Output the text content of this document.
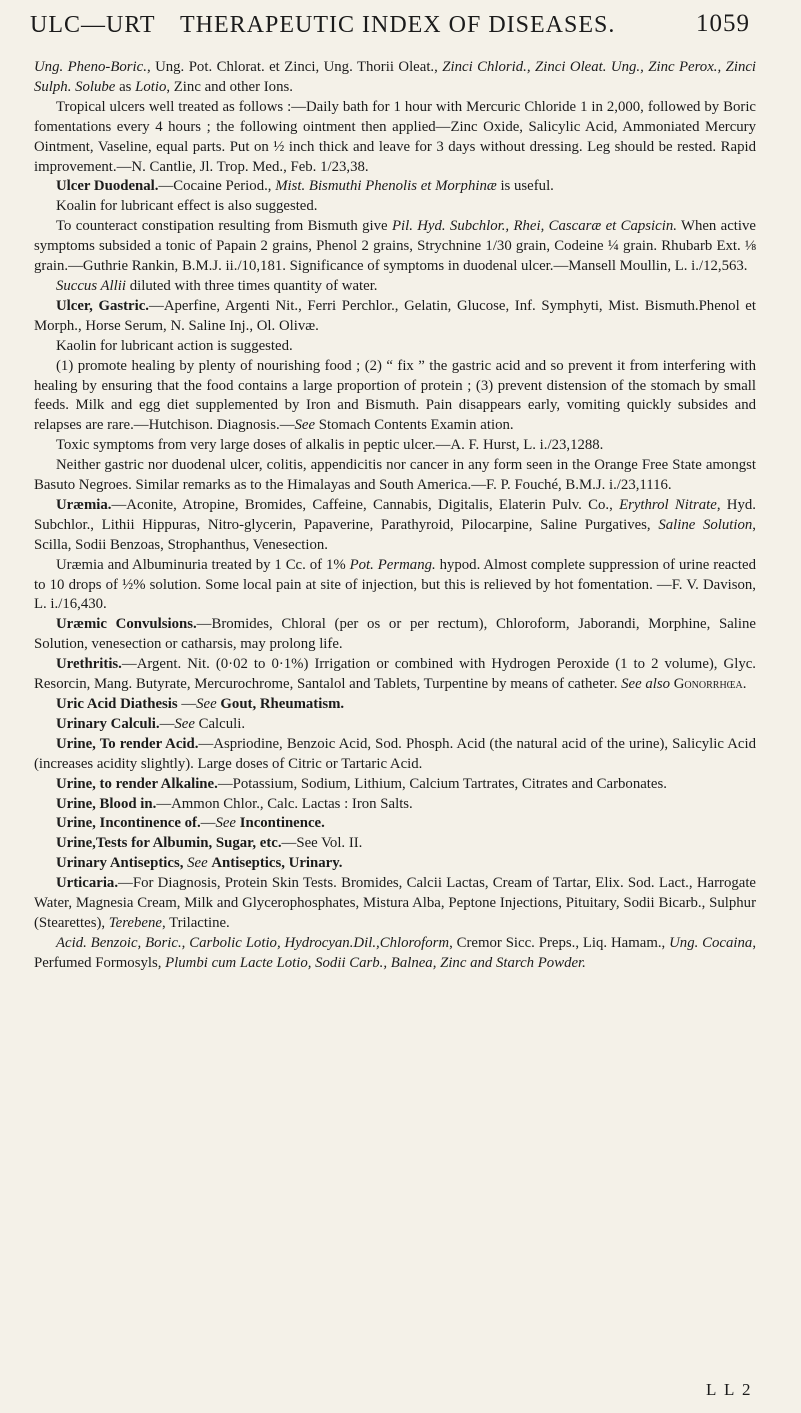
ULC—URT THERAPEUTIC INDEX OF DISEASES.	1059

Ung. Pheno-Boric., Ung. Pot. Chlorat. et Zinci, Ung. Thorii Oleat., Zinci Chlorid., Zinci Oleat. Ung., Zinc Perox., Zinci Sulph. Solube as Lotio, Zinc and other Ions.

Tropical ulcers well treated as follows :—Daily bath for 1 hour with Mercuric Chloride 1 in 2,000, followed by Boric fomentations every 4 hours ; the following ointment then applied—Zinc Oxide, Salicylic Acid, Ammoniated Mercury Ointment, Vaseline, equal parts. Put on ½ inch thick and leave for 3 days without dressing. Leg should be rested. Rapid improvement.—N. Cantlie, Jl. Trop. Med., Feb. 1/23,38.

Ulcer Duodenal.—Cocaine Period., Mist. Bismuthi Phenolis et Morphinæ is useful.

Koalin for lubricant effect is also suggested.

To counteract constipation resulting from Bismuth give Pil. Hyd. Subchlor., Rhei, Cascaræ et Capsicin. When active symptoms subsided a tonic of Papain 2 grains, Phenol 2 grains, Strychnine 1/30 grain, Codeine ¼ grain. Rhubarb Ext. ⅛ grain.—Guthrie Rankin, B.M.J. ii./10,181. Significance of symptoms in duodenal ulcer.—Mansell Moullin, L. i./12,563.

Succus Allii diluted with three times quantity of water.

Ulcer, Gastric.—Aperfine, Argenti Nit., Ferri Perchlor., Gelatin, Glucose, Inf. Symphyti, Mist. Bismuth.Phenol et Morph., Horse Serum, N. Saline Inj., Ol. Olivæ.

Kaolin for lubricant action is suggested.

(1) promote healing by plenty of nourishing food ; (2) “ fix ” the gastric acid and so prevent it from interfering with healing by ensuring that the food contains a large proportion of protein ; (3) prevent distension of the stomach by small feeds. Milk and egg diet supplemented by Iron and Bismuth. Pain disappears early, vomiting quickly subsides and relapses are rare.—Hutchison. Diagnosis.—See Stomach Contents Examin ation.

Toxic symptoms from very large doses of alkalis in peptic ulcer.—A. F. Hurst, L. i./23,1288.

Neither gastric nor duodenal ulcer, colitis, appendicitis nor cancer in any form seen in the Orange Free State amongst Basuto Negroes. Similar remarks as to the Himalayas and South America.—F. P. Fouché, B.M.J. i./23,1116.

Uræmia.—Aconite, Atropine, Bromides, Caffeine, Cannabis, Digitalis, Elaterin Pulv. Co., Erythrol Nitrate, Hyd. Subchlor., Lithii Hippuras, Nitro-glycerin, Papaverine, Parathyroid, Pilocarpine, Saline Purgatives, Saline Solution, Scilla, Sodii Benzoas, Strophanthus, Venesection.

Uræmia and Albuminuria treated by 1 Cc. of 1% Pot. Permang. hypod. Almost complete suppression of urine reacted to 10 drops of ½% solution. Some local pain at site of injection, but this is relieved by hot fomentation. —F. V. Davison, L. i./16,430.

Uræmic Convulsions.—Bromides, Chloral (per os or per rectum), Chloroform, Jaborandi, Morphine, Saline Solution, venesection or catharsis, may prolong life.

Urethritis.—Argent. Nit. (0·02 to 0·1%) Irrigation or combined with Hydrogen Peroxide (1 to 2 volume), Glyc. Resorcin, Mang. Butyrate, Mercurochrome, Santalol and Tablets, Turpentine by means of catheter. See also Gonorrhœa.

Uric Acid Diathesis —See Gout, Rheumatism.

Urinary Calculi.—See Calculi.

Urine, To render Acid.—Aspriodine, Benzoic Acid, Sod. Phosph. Acid (the natural acid of the urine), Salicylic Acid (increases acidity slightly). Large doses of Citric or Tartaric Acid.

Urine, to render Alkaline.—Potassium, Sodium, Lithium, Calcium Tartrates, Citrates and Carbonates.

Urine, Blood in.—Ammon Chlor., Calc. Lactas : Iron Salts.

Urine, Incontinence of.—See Incontinence.

Urine,Tests for Albumin, Sugar, etc.—See Vol. II.

Urinary Antiseptics, See Antiseptics, Urinary.

Urticaria.—For Diagnosis, Protein Skin Tests. Bromides, Calcii Lactas, Cream of Tartar, Elix. Sod. Lact., Harrogate Water, Magnesia Cream, Milk and Glycerophosphates, Mistura Alba, Peptone Injections, Pituitary, Sodii Bicarb., Sulphur (Stearettes), Terebene, Trilactine.

Acid. Benzoic, Boric., Carbolic Lotio, Hydrocyan.Dil.,Chloroform, Cremor Sicc. Preps., Liq. Hamam., Ung. Cocaina, Perfumed Formosyls, Plumbi cum Lacte Lotio, Sodii Carb., Balnea, Zinc and Starch Powder.

L L 2
